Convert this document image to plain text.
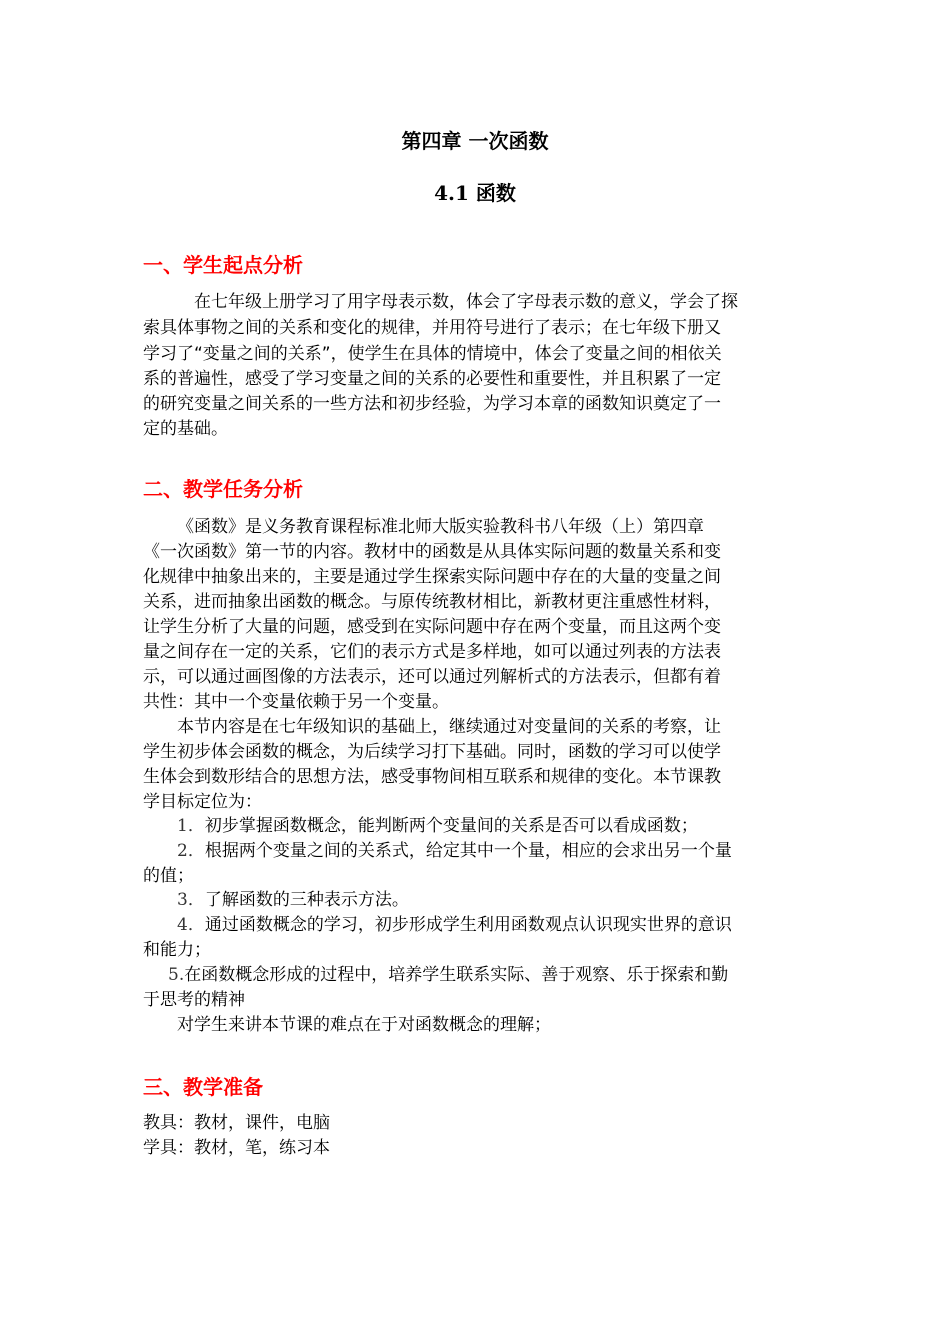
第四章 一次函数
4.1 函数
一、学生起点分析
在七年级上册学习了用字母表示数，体会了字母表示数的意义，学会了探
索具体事物之间的关系和变化的规律，并用符号进行了表示；在七年级下册又
学习了“变量之间的关系”，使学生在具体的情境中，体会了变量之间的相依关
系的普遍性，感受了学习变量之间的关系的必要性和重要性，并且积累了一定
的研究变量之间关系的一些方法和初步经验，为学习本章的函数知识奠定了一
定的基础。
二、教学任务分析
《函数》是义务教育课程标准北师大版实验教科书八年级（上）第四章
《一次函数》第一节的内容。教材中的函数是从具体实际问题的数量关系和变
化规律中抽象出来的，主要是通过学生探索实际问题中存在的大量的变量之间
关系，进而抽象出函数的概念。与原传统教材相比，新教材更注重感性材料，
让学生分析了大量的问题，感受到在实际问题中存在两个变量，而且这两个变
量之间存在一定的关系，它们的表示方式是多样地，如可以通过列表的方法表
示，可以通过画图像的方法表示，还可以通过列解析式的方法表示，但都有着
共性：其中一个变量依赖于另一个变量。
本节内容是在七年级知识的基础上，继续通过对变量间的关系的考察，让
学生初步体会函数的概念，为后续学习打下基础。同时，函数的学习可以使学
生体会到数形结合的思想方法，感受事物间相互联系和规律的变化。本节课教
学目标定位为：
1．初步掌握函数概念，能判断两个变量间的关系是否可以看成函数；
2．根据两个变量之间的关系式，给定其中一个量，相应的会求出另一个量
的值；
3．了解函数的三种表示方法。
4．通过函数概念的学习，初步形成学生利用函数观点认识现实世界的意识
和能力；
5.在函数概念形成的过程中，培养学生联系实际、善于观察、乐于探索和勤
于思考的精神
对学生来讲本节课的难点在于对函数概念的理解；
三、教学准备
教具：教材，课件，电脑
学具：教材，笔，练习本
